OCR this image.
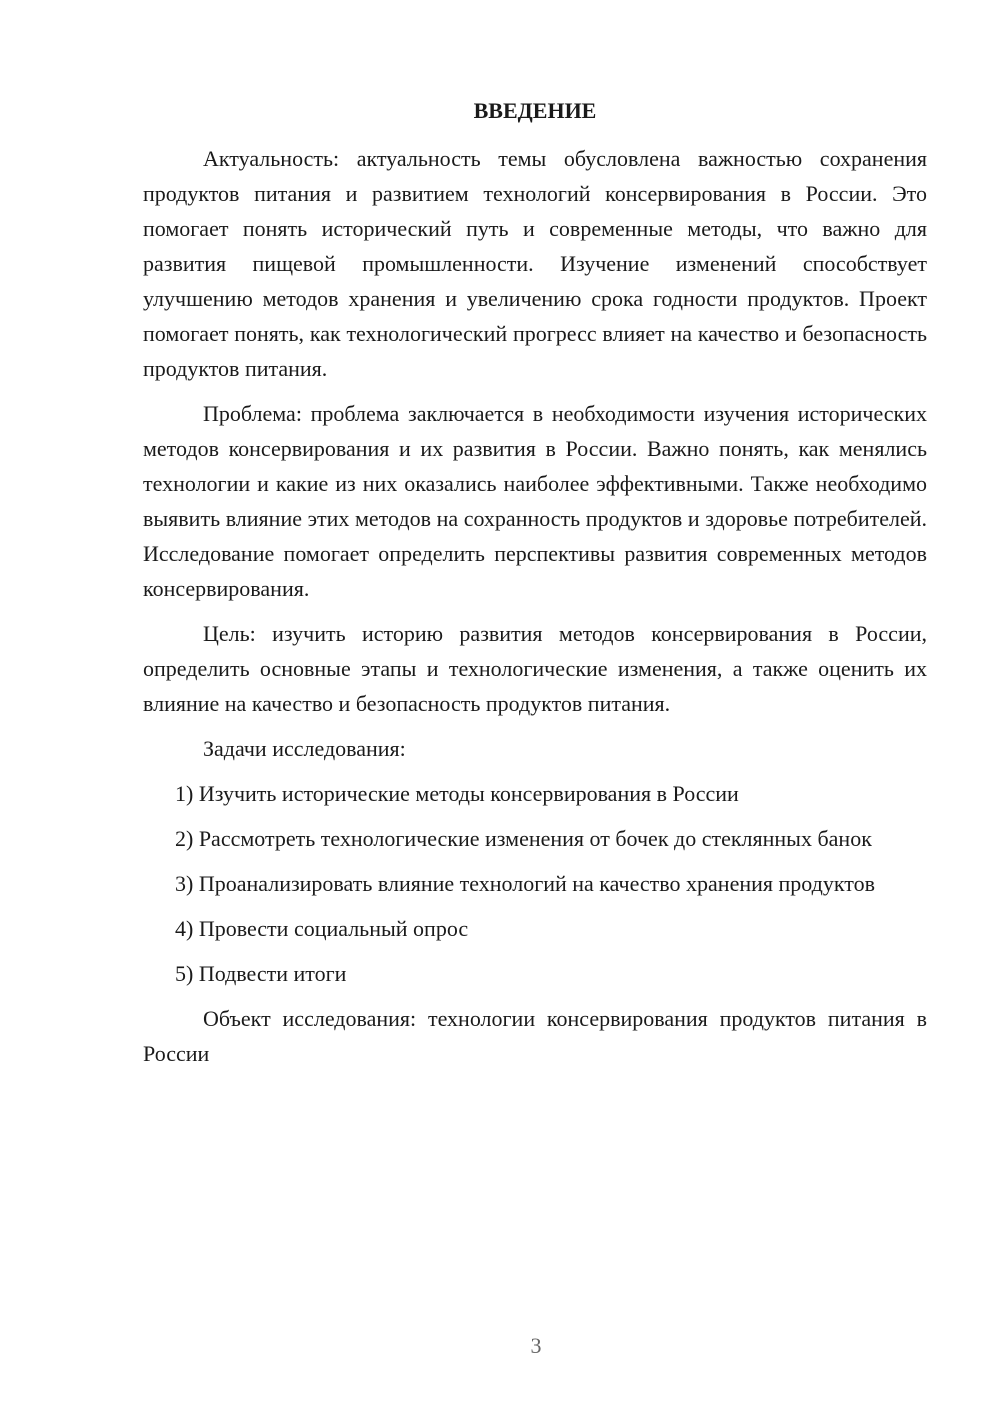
ВВЕДЕНИЕ

Актуальность: актуальность темы обусловлена важностью сохранения продуктов питания и развитием технологий консервирования в России. Это помогает понять исторический путь и современные методы, что важно для развития пищевой промышленности. Изучение изменений способствует улучшению методов хранения и увеличению срока годности продуктов. Проект помогает понять, как технологический прогресс влияет на качество и безопасность продуктов питания.

Проблема: проблема заключается в необходимости изучения исторических методов консервирования и их развития в России. Важно понять, как менялись технологии и какие из них оказались наиболее эффективными. Также необходимо выявить влияние этих методов на сохранность продуктов и здоровье потребителей. Исследование помогает определить перспективы развития современных методов консервирования.

Цель: изучить историю развития методов консервирования в России, определить основные этапы и технологические изменения, а также оценить их влияние на качество и безопасность продуктов питания.

Задачи исследования:

1) Изучить исторические методы консервирования в России

2) Рассмотреть технологические изменения от бочек до стеклянных банок

3) Проанализировать влияние технологий на качество хранения продуктов

4) Провести социальный опрос

5) Подвести итоги

Объект исследования: технологии консервирования продуктов питания в России

3
